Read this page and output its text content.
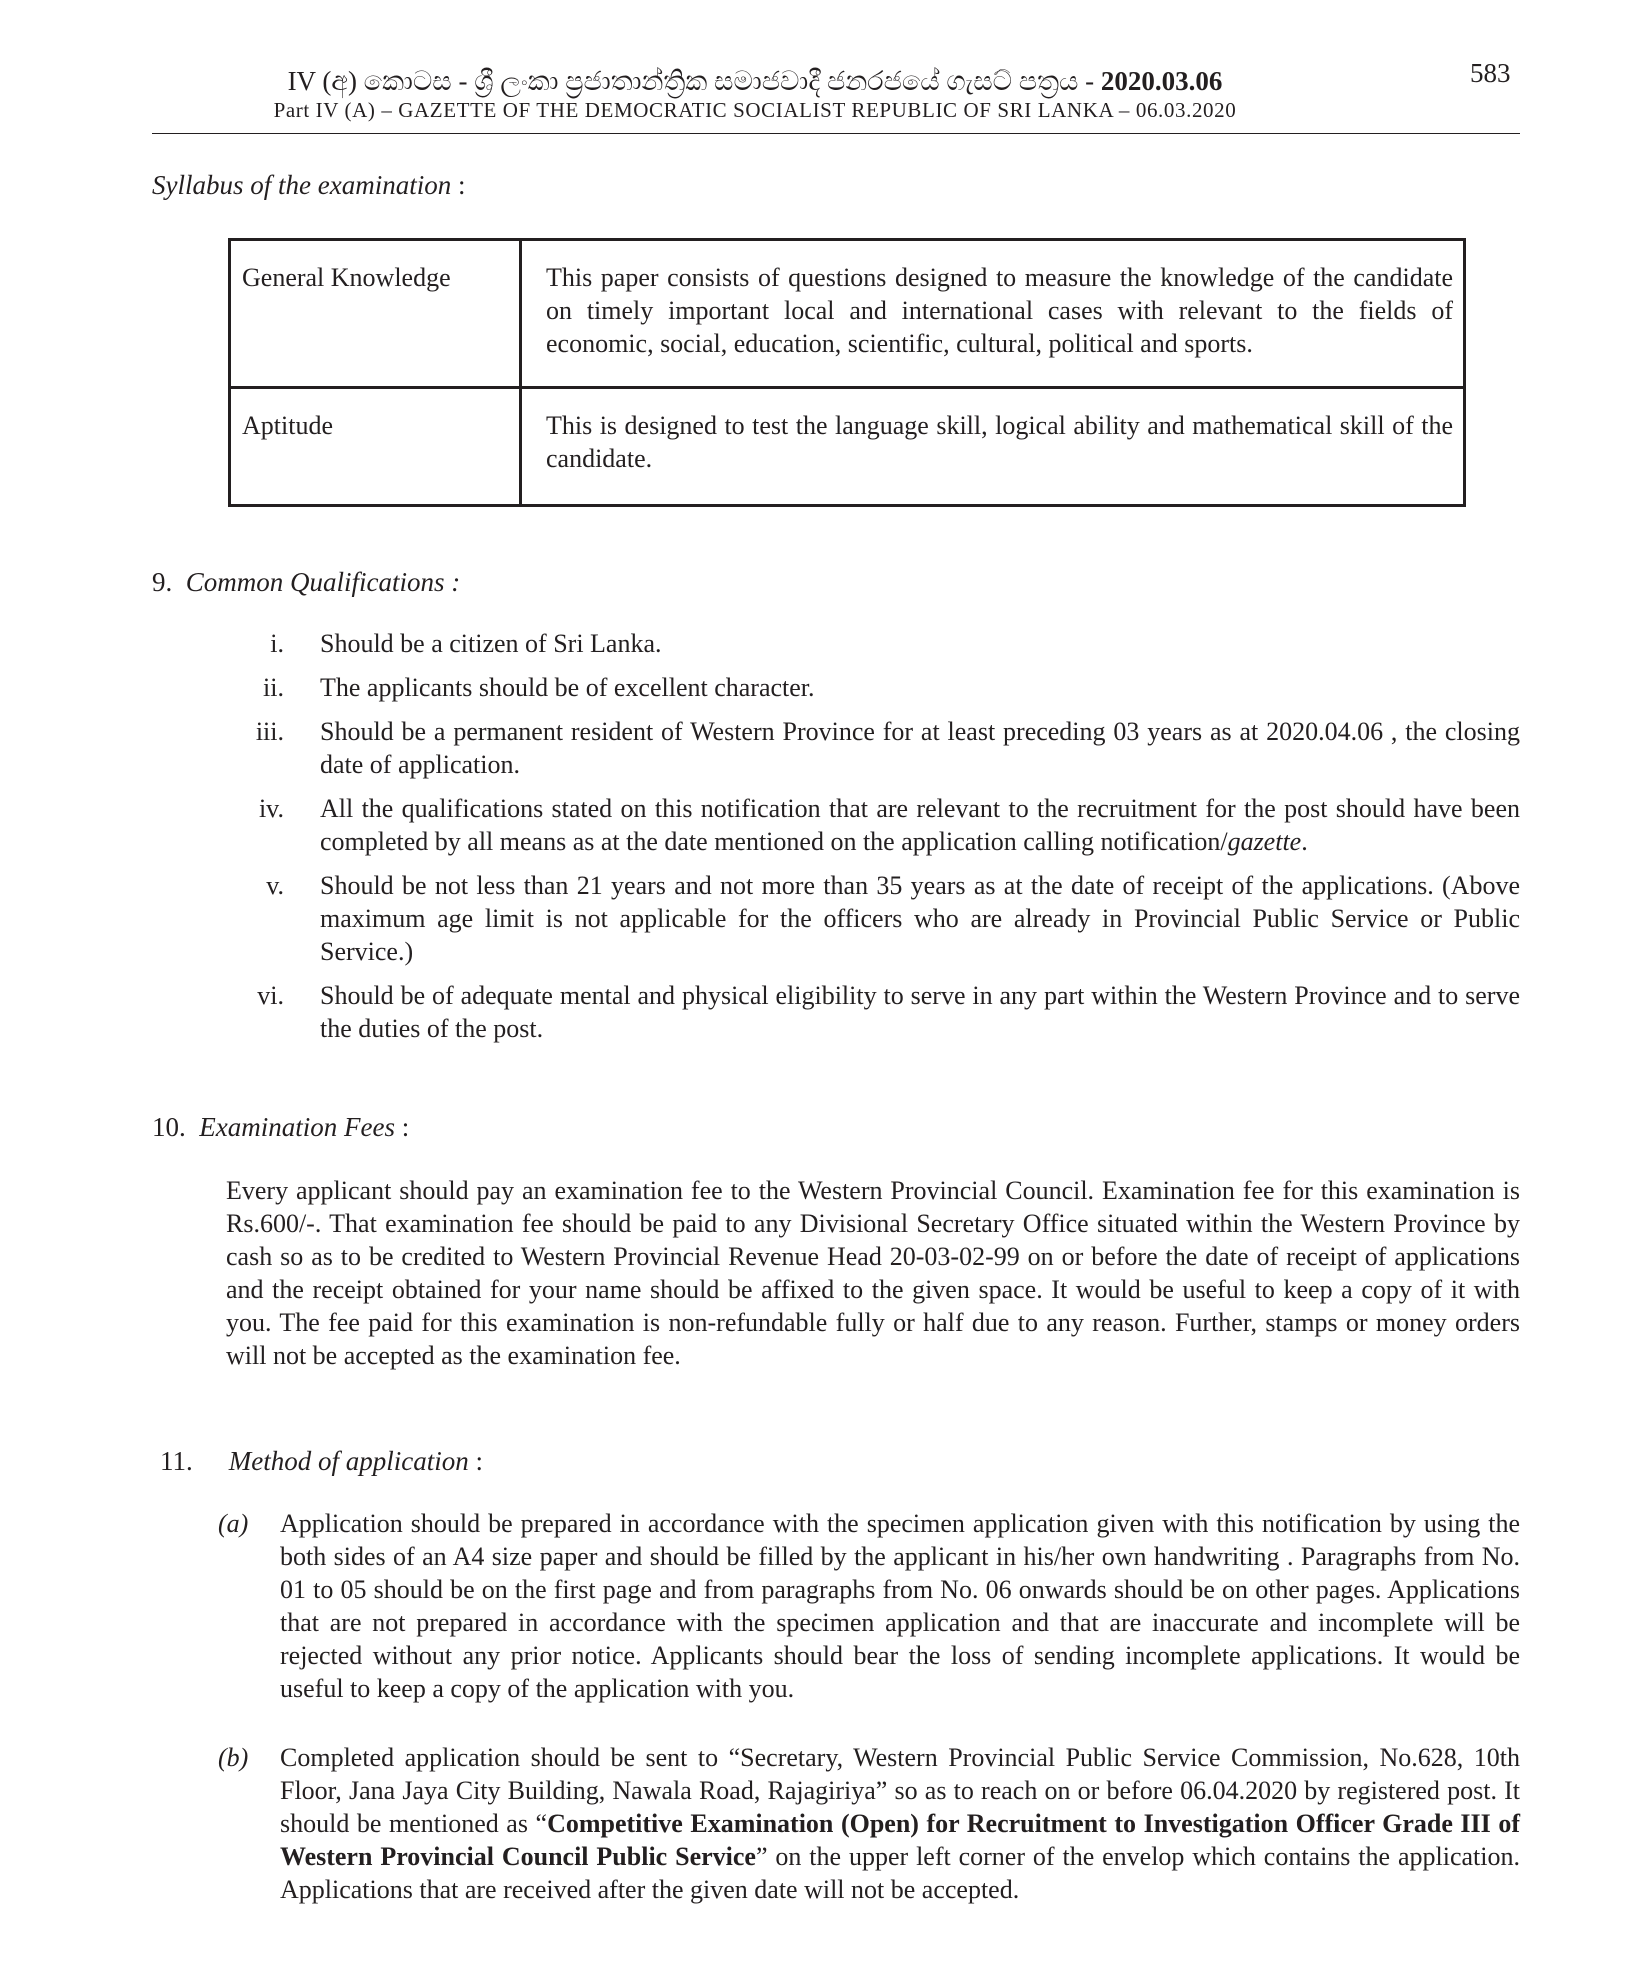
IV (අ) කොටස - ශ්‍රී ලංකා ප්‍රජාතාන්ත්‍රික සමාජවාදී ජනරජයේ ගැසට් පත්‍රය - 2020.03.06
Part IV (A) – GAZETTE OF THE DEMOCRATIC SOCIALIST REPUBLIC OF SRI LANKA – 06.03.2020
583
Syllabus of the examination :
General Knowledge	This paper consists of questions designed to measure the knowledge of the candidate on timely important local and international cases with relevant to the fields of economic, social, education, scientific, cultural, political and sports.
Aptitude	This is designed to test the language skill, logical ability and mathematical skill of the candidate.
9. Common Qualifications :
i.	Should be a citizen of Sri Lanka.
ii.	The applicants should be of excellent character.
iii.	Should be a permanent resident of Western Province for at least preceding 03 years as at 2020.04.06 , the closing date of application.
iv.	All the qualifications stated on this notification that are relevant to the recruitment for the post should have been completed by all means as at the date mentioned on the application calling notification/gazette.
v.	Should be not less than 21 years and not more than 35 years as at the date of receipt of the applications. (Above maximum age limit is not applicable for the officers who are already in Provincial Public Service or Public Service.)
vi.	Should be of adequate mental and physical eligibility to serve in any part within the Western Province and to serve the duties of the post.
10. Examination Fees :
Every applicant should pay an examination fee to the Western Provincial Council. Examination fee for this examination is Rs.600/-. That examination fee should be paid to any Divisional Secretary Office situated within the Western Province by cash so as to be credited to Western Provincial Revenue Head 20-03-02-99 on or before the date of receipt of applications and the receipt obtained for your name should be affixed to the given space. It would be useful to keep a copy of it with you. The fee paid for this examination is non-refundable fully or half due to any reason. Further, stamps or money orders will not be accepted as the examination fee.
11. Method of application :
(a)	Application should be prepared in accordance with the specimen application given with this notification by using the both sides of an A4 size paper and should be filled by the applicant in his/her own handwriting . Paragraphs from No. 01 to 05 should be on the first page and from paragraphs from No. 06 onwards should be on other pages. Applications that are not prepared in accordance with the specimen application and that are inaccurate and incomplete will be rejected without any prior notice. Applicants should bear the loss of sending incomplete applications. It would be useful to keep a copy of the application with you.
(b)	Completed application should be sent to “Secretary, Western Provincial Public Service Commission, No.628, 10th Floor, Jana Jaya City Building, Nawala Road, Rajagiriya” so as to reach on or before 06.04.2020 by registered post. It should be mentioned as “Competitive Examination (Open) for Recruitment to Investigation Officer Grade III of Western Provincial Council Public Service” on the upper left corner of the envelop which contains the application. Applications that are received after the given date will not be accepted.
